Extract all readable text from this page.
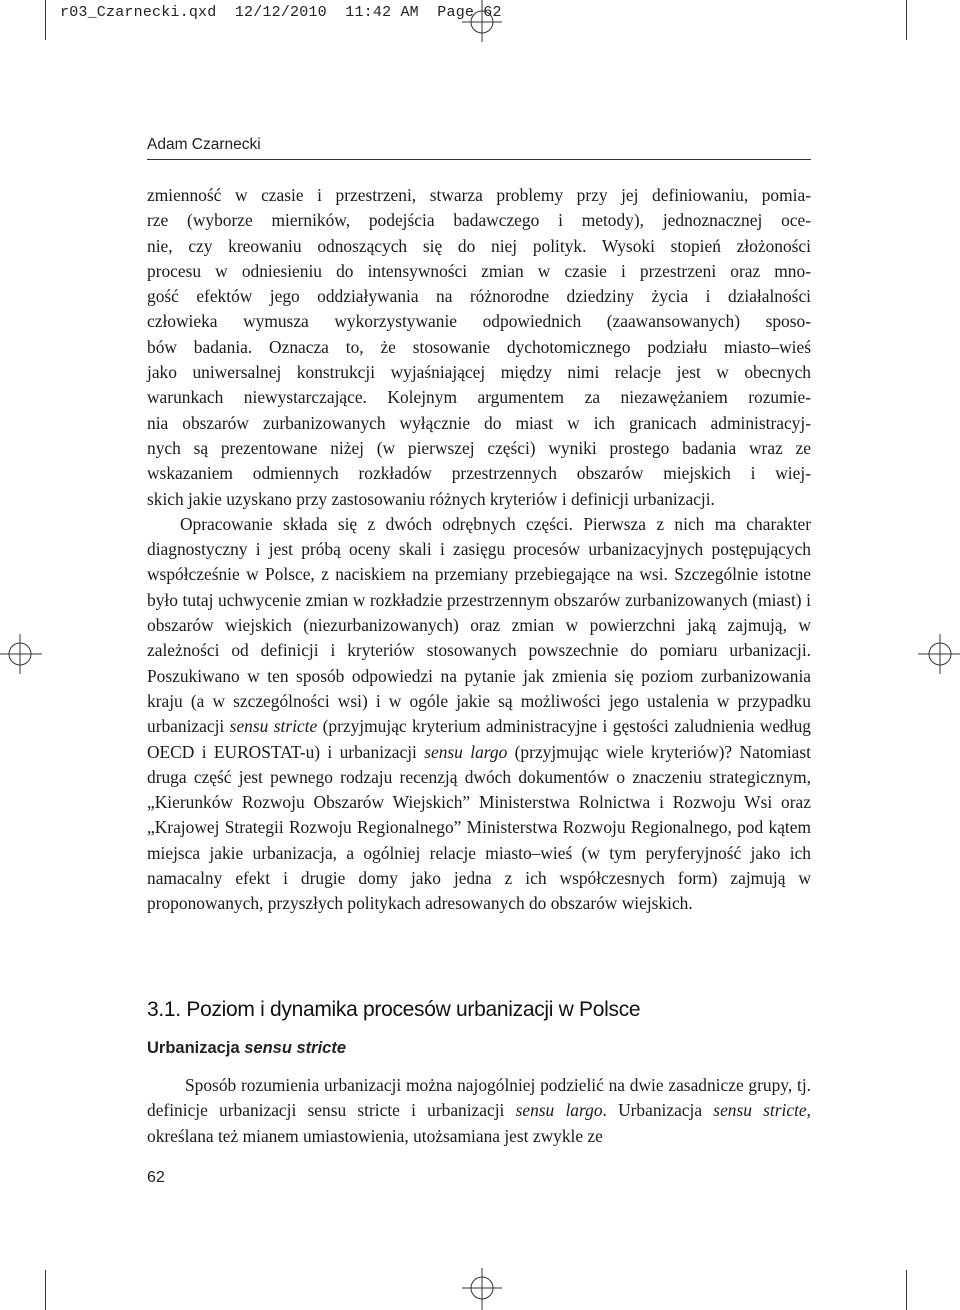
r03_Czarnecki.qxd 12/12/2010 11:42 AM Page 62
Adam Czarnecki
zmienność w czasie i przestrzeni, stwarza problemy przy jej definiowaniu, pomia-
rze (wyborze mierników, podejścia badawczego i metody), jednoznacznej oce-
nie, czy kreowaniu odnoszących się do niej polityk. Wysoki stopień złożoności
procesu w odniesieniu do intensywności zmian w czasie i przestrzeni oraz mno-
gość efektów jego oddziaływania na różnorodne dziedziny życia i działalności
człowieka wymusza wykorzystywanie odpowiednich (zaawansowanych) sposo-
bów badania. Oznacza to, że stosowanie dychotomicznego podziału miasto–wieś
jako uniwersalnej konstrukcji wyjaśniającej między nimi relacje jest w obecnych
warunkach niewystarczające. Kolejnym argumentem za niezawężaniem rozumie-
nia obszarów zurbanizowanych wyłącznie do miast w ich granicach administracyj-
nych są prezentowane niżej (w pierwszej części) wyniki prostego badania wraz ze
wskazaniem odmiennych rozkładów przestrzennych obszarów miejskich i wiej-
skich jakie uzyskano przy zastosowaniu różnych kryteriów i definicji urbanizacji.

Opracowanie składa się z dwóch odrębnych części. Pierwsza z nich ma charakter diagnostyczny i jest próbą oceny skali i zasięgu procesów urbanizacyjnych postępujących współcześnie w Polsce, z naciskiem na przemiany przebiegające na wsi. Szczególnie istotne było tutaj uchwycenie zmian w rozkładzie przestrzennym obszarów zurbanizowanych (miast) i obszarów wiejskich (niezurbanizowanych) oraz zmian w powierzchni jaką zajmują, w zależności od definicji i kryteriów stosowanych powszechnie do pomiaru urbanizacji. Poszukiwano w ten sposób odpowiedzi na pytanie jak zmienia się poziom zurbanizowania kraju (a w szczególności wsi) i w ogóle jakie są możliwości jego ustalenia w przypadku urbanizacji sensu stricte (przyjmując kryterium administracyjne i gęstości zaludnienia według OECD i EUROSTAT-u) i urbanizacji sensu largo (przyjmując wiele kryteriów)? Natomiast druga część jest pewnego rodzaju recenzją dwóch dokumentów o znaczeniu strategicznym, „Kierunków Rozwoju Obszarów Wiejskich” Ministerstwa Rolnictwa i Rozwoju Wsi oraz „Krajowej Strategii Rozwoju Regionalnego” Ministerstwa Rozwoju Regionalnego, pod kątem miejsca jakie urbanizacja, a ogólniej relacje miasto–wieś (w tym peryferyjność jako ich namacalny efekt i drugie domy jako jedna z ich współczesnych form) zajmują w proponowanych, przyszłych politykach adresowanych do obszarów wiejskich.

3.1. Poziom i dynamika procesów urbanizacji w Polsce
Urbanizacja sensu stricte

Sposób rozumienia urbanizacji można najogólniej podzielić na dwie zasadnicze grupy, tj. definicje urbanizacji sensu stricte i urbanizacji sensu largo. Urbanizacja sensu stricte, określana też mianem umiastowienia, utożsamiana jest zwykle ze

62
